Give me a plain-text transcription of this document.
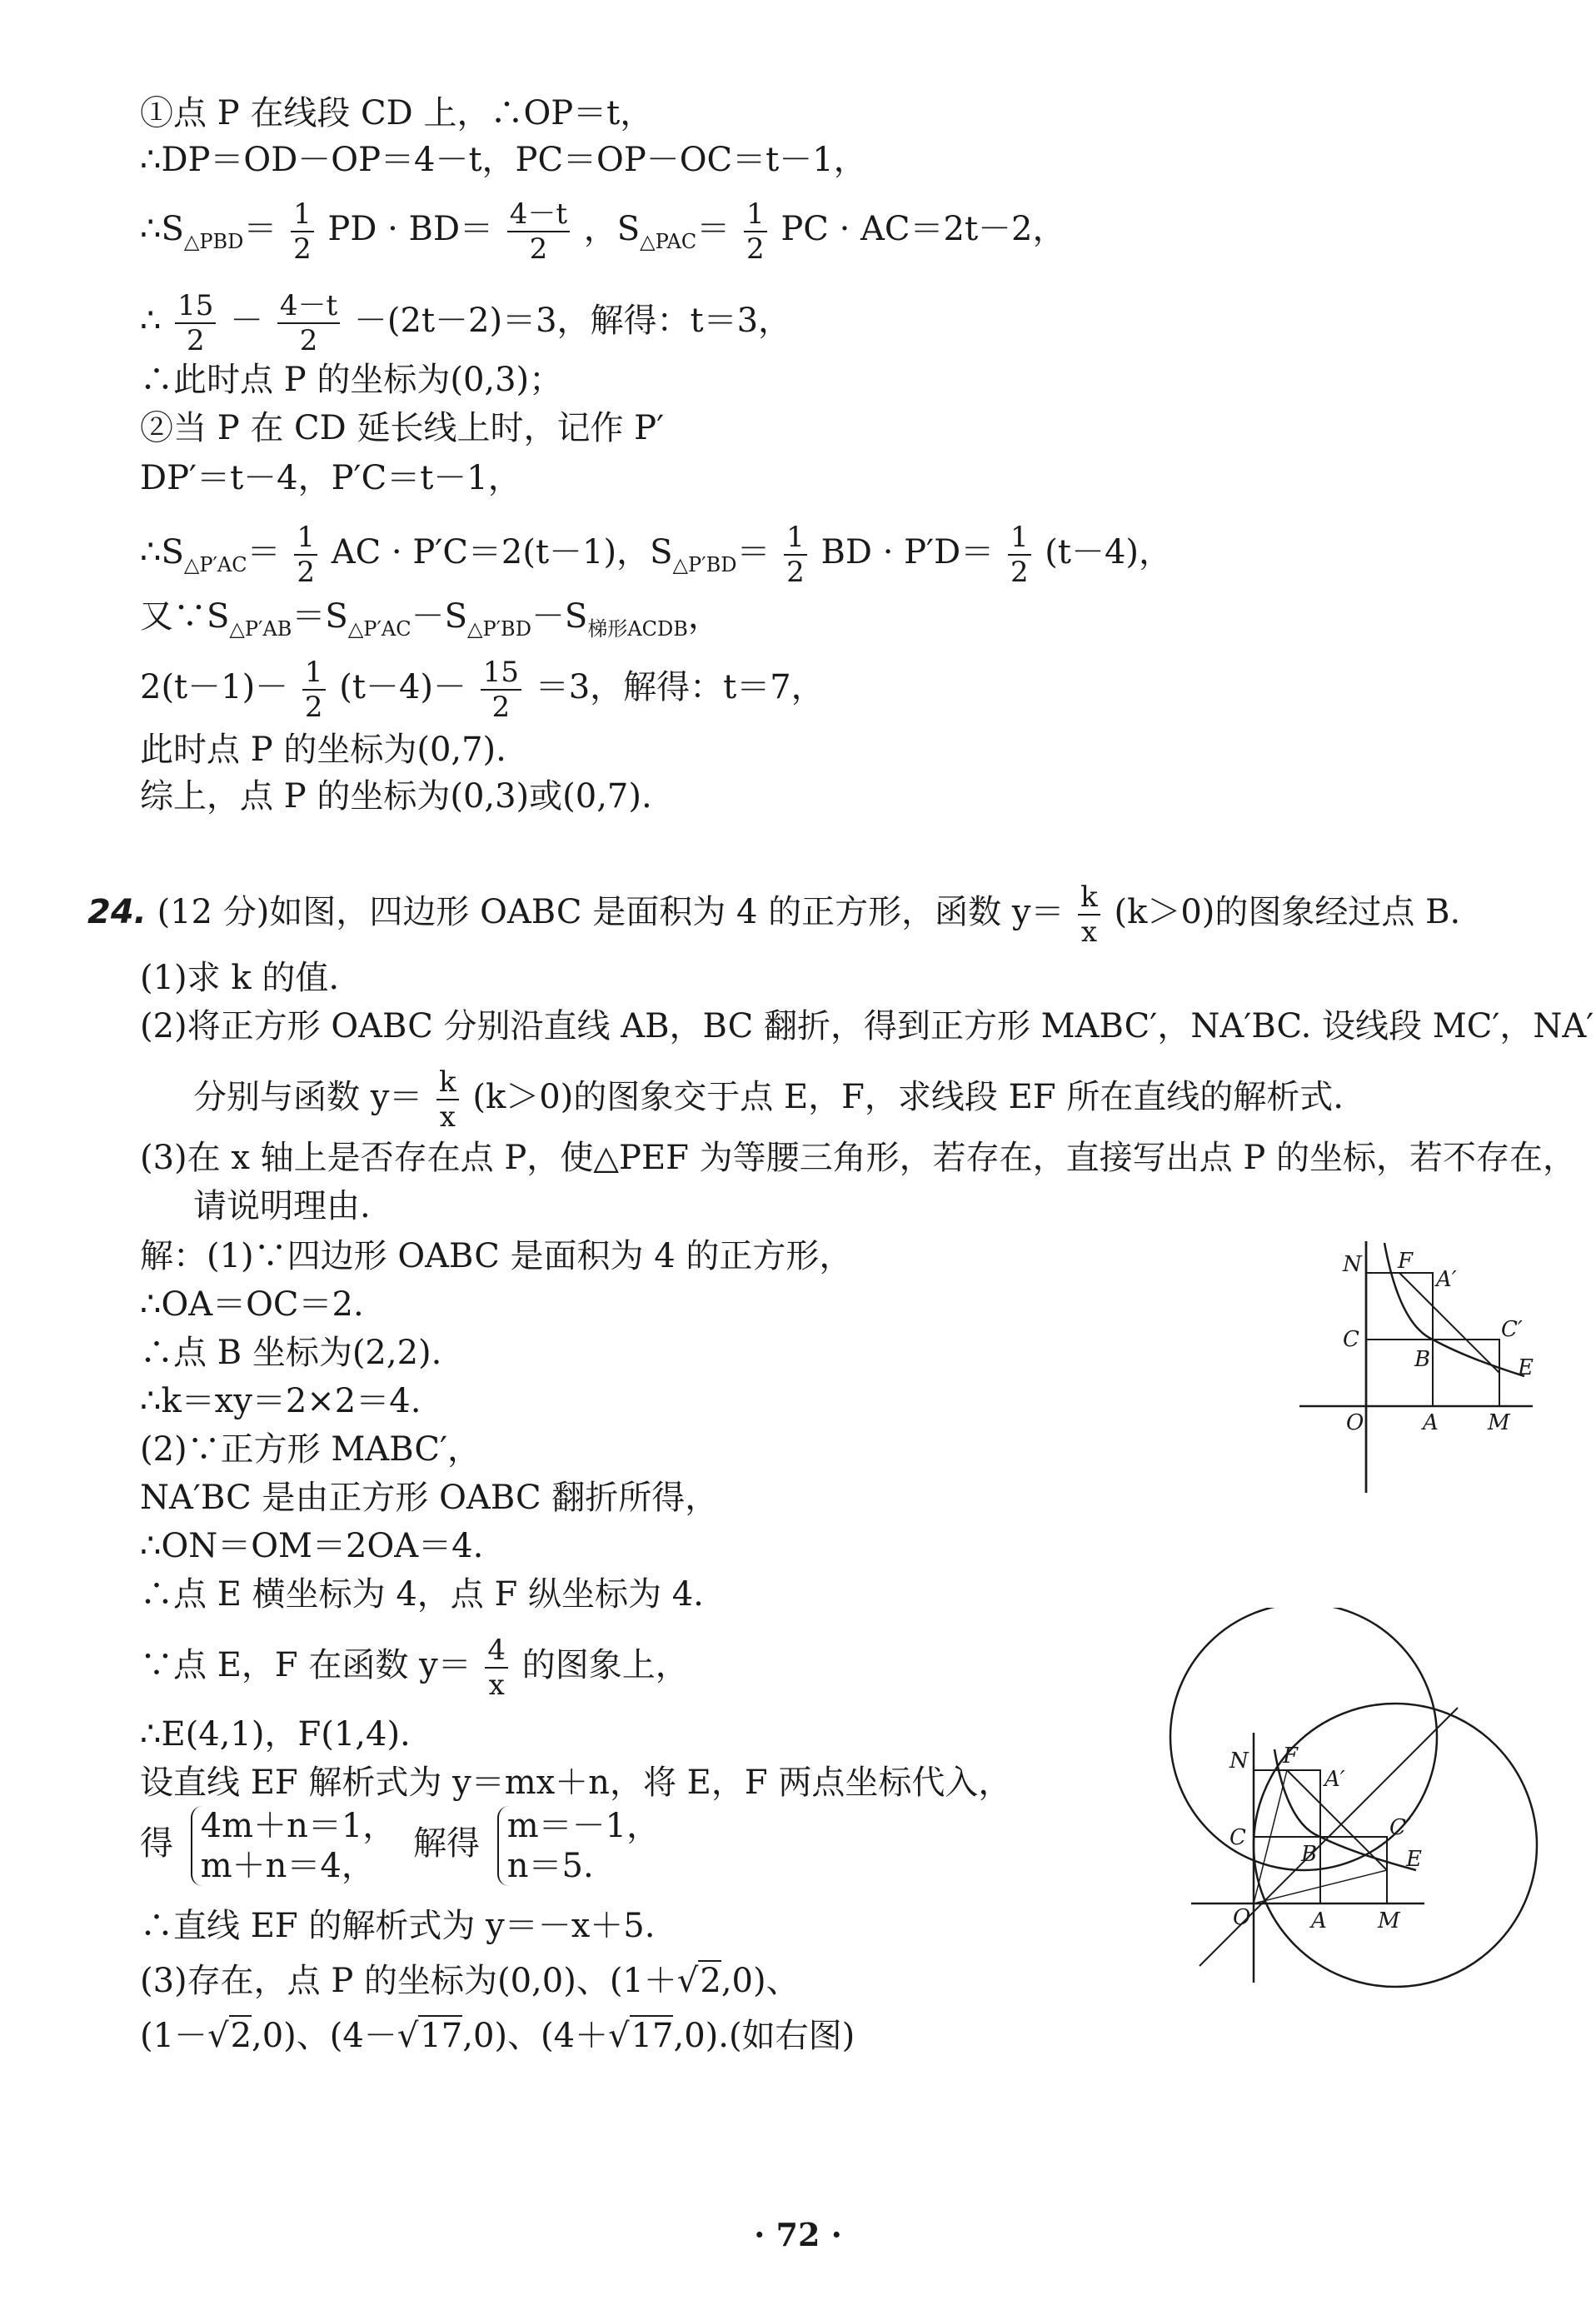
①点 P 在线段 CD 上，∴OP＝t，
∴DP＝OD－OP＝4－t，PC＝OP－OC＝t－1，
$\therefore S_{\triangle PBD}= \frac{1}{2}$ PD · $BD= \frac{4-t}{2}$ ，$S_{\triangle PAC}= \frac{1}{2}$ PC · AC＝2t－2，
∴ $\frac{15}{2} - \frac{4-t}{2} -(2t-2)=3$，解得：t＝3，
∴此时点 P 的坐标为(0,3)；
②当 P 在 CD 延长线上时，记作 P′
DP′＝t－4，P′C＝t－1，
$\therefore S_{\triangle P'AC}= \frac{1}{2}$ AC · P′C＝2(t－1)，$S_{\triangle P'BD}= \frac{1}{2}$ BD · $P'D= \frac{1}{2} (t-4)$，
又$\because S_{\triangle P'AB}=S_{\triangle P'AC}-S_{\triangle P'BD}-S_{梯形ACDB}$，
$2(t-1)- \frac{1}{2} (t-4)- \frac{15}{2} =3$，解得：t＝7，
此时点 P 的坐标为(0,7).
综上，点 P 的坐标为(0,3)或(0,7).
24. (12 分)如图，四边形 OABC 是面积为 4 的正方形，函数 $y= \frac{k}{x} (k>0)$的图象经过点 B.
(1)求 k 的值.
(2)将正方形 OABC 分别沿直线 AB，BC 翻折，得到正方形 MABC′，NA′BC. 设线段 MC′，NA′
分别与函数 $y= \frac{k}{x} (k>0)$的图象交于点 E，F，求线段 EF 所在直线的解析式.
(3)在 x 轴上是否存在点 P，使△PEF 为等腰三角形，若存在，直接写出点 P 的坐标，若不存在，
请说明理由.
解：(1)∵四边形 OABC 是面积为 4 的正方形，
∴OA＝OC＝2.
∴点 B 坐标为(2,2).
∴k＝xy＝2×2＝4.
(2)∵正方形 MABC′，
NA′BC 是由正方形 OABC 翻折所得，
∴ON＝OM＝2OA＝4.
∴点 E 横坐标为 4，点 F 纵坐标为 4.
∵点 E，F 在函数 $y= \frac{4}{x}$ 的图象上，
∴E(4,1)，F(1,4).
设直线 EF 解析式为 y＝mx＋n，将 E，F 两点坐标代入，
得 4m＋n＝1，
m＋n＝4，
解得 m＝－1，
n＝5.
∴直线 EF 的解析式为 y＝－x＋5.
(3)存在，点 P 的坐标为(0,0)、(1＋√2,0)、
(1－√2,0)、(4－√17,0)、(4＋√17,0).(如右图)
N F
A′
C	C′
B	E
O	A M
N F
A′
C	C′
B	E
O	A M
· 72 ·
